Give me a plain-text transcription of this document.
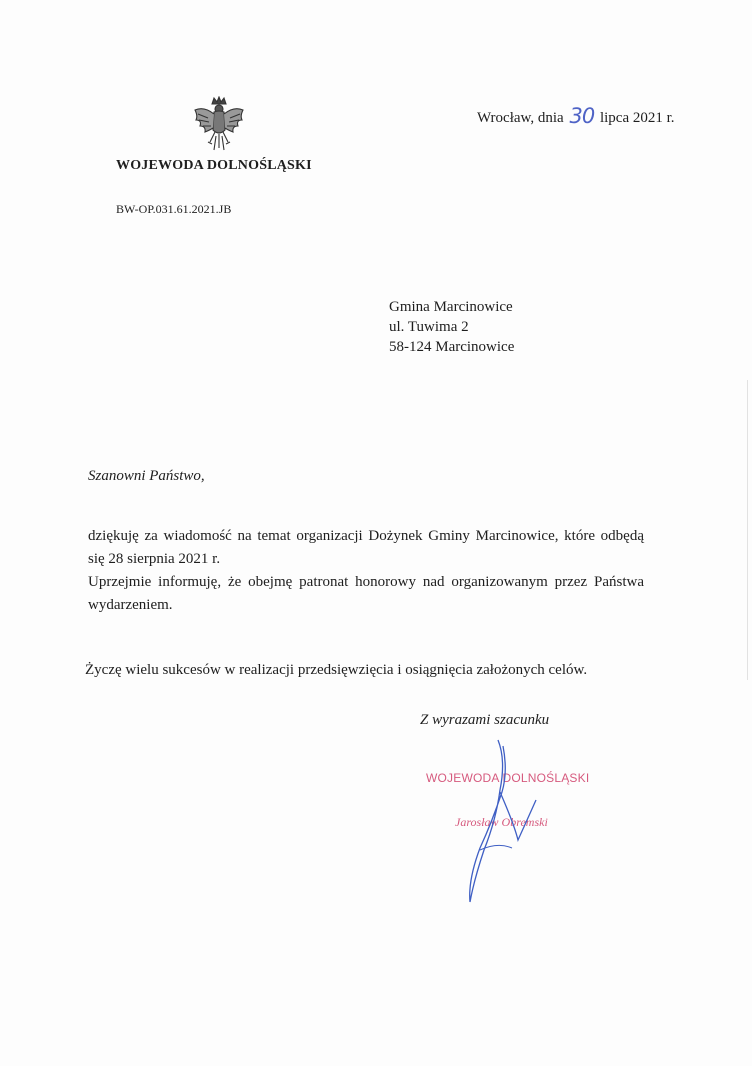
WOJEWODA DOLNOŚLĄSKI
BW-OP.031.61.2021.JB
Wrocław, dnia 30 lipca 2021 r.
Gmina Marcinowice
ul. Tuwima 2
58-124 Marcinowice
Szanowni Państwo,

dziękuję za wiadomość na temat organizacji Dożynek Gminy Marcinowice, które odbędą się 28 sierpnia 2021 r.

Uprzejmie informuję, że obejmę patronat honorowy nad organizowanym przez Państwa wydarzeniem.

Życzę wielu sukcesów w realizacji przedsięwzięcia i osiągnięcia założonych celów.
Z wyrazami szacunku
WOJEWODA DOLNOŚLĄSKI
Jarosław Obremski
